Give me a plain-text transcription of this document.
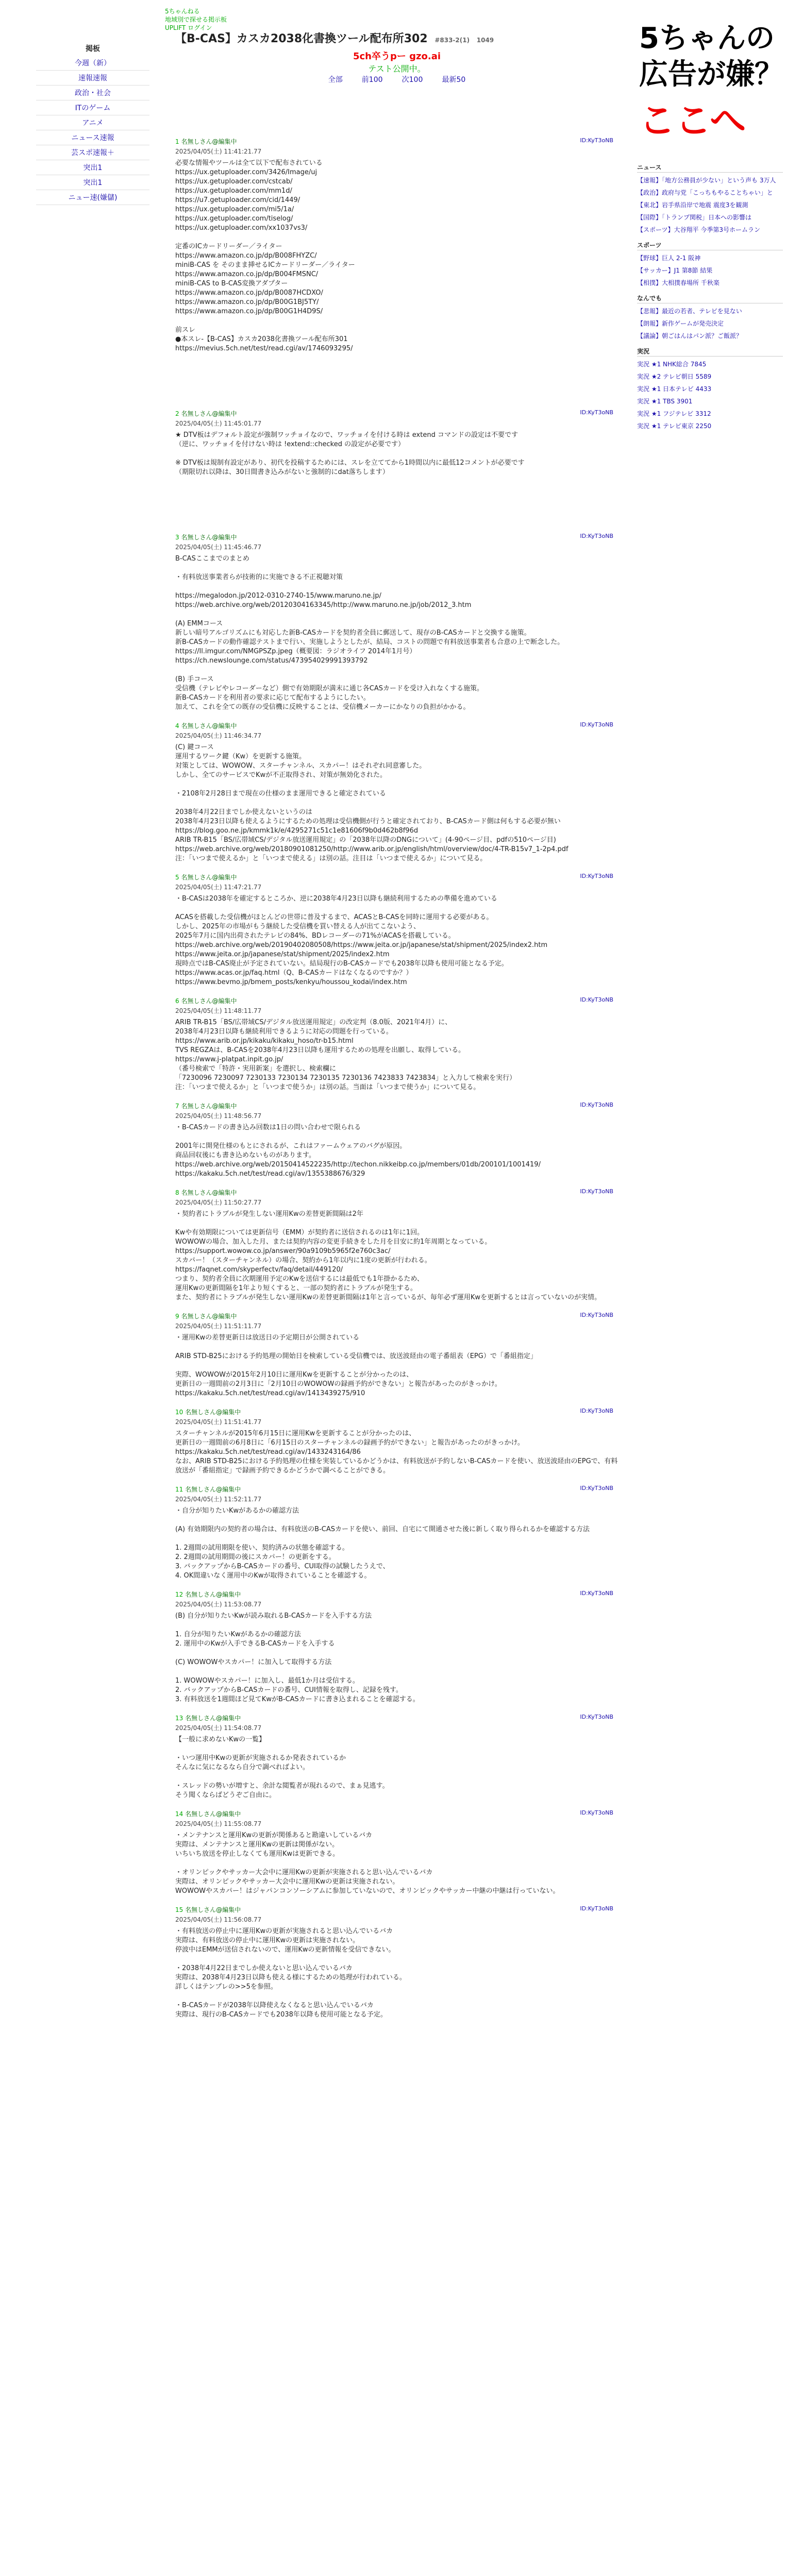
5ちゃんねる
地域別で探せる掲示板
UPLIFT ログイン
掲板
今週（新）
速報速報
政治・社会
ITのゲーム
アニメ
ニュース速報
芸スポ速報＋
突出1
突出1
ニュー速(嫌儲)
【B-CAS】カスカ2038化書換ツール配布所302 #833-2(1) 1049
5ch卒うpー gzo.ai
テスト公開中。
全部	前100	次100	最新50
1 名無しさん@編集中
2025/04/05(土) 11:41:21.77
ID:KyT3oNB
必要な情報やツールは全て以下で配布されている
https://ux.getuploader.com/3426/Image/uj
https://ux.getuploader.com/cstcab/
https://ux.getuploader.com/mm1d/
https://u7.getuploader.com/cid/1449/
https://ux.getuploader.com/mi5/1a/
https://ux.getuploader.com/tiselog/
https://ux.getuploader.com/xx1037vs3/

定番のICカードリーダー／ライター
https://www.amazon.co.jp/dp/B008FHYZC/
miniB-CAS を そのまま挿せるICカードリーダー／ライター
https://www.amazon.co.jp/dp/B004FMSNC/
miniB-CAS to B-CAS変換アダプター
https://www.amazon.co.jp/dp/B0087HCDXO/
https://www.amazon.co.jp/dp/B00G1BJ5TY/
https://www.amazon.co.jp/dp/B00G1H4D9S/

前スレ
●本スレ-【B-CAS】カスカ2038化書換ツール配布所301
https://mevius.5ch.net/test/read.cgi/av/1746093295/
2 名無しさん@編集中
2025/04/05(土) 11:45:01.77
ID:KyT3oNB
★ DTV板はデフォルト設定が強制ワッチョイなので、ワッチョイを付ける時は extend コマンドの設定は不要です
（逆に、ワッチョイを付けない時は !extend::checked の設定が必要です）

※ DTV板は規制有設定があり、初代を投稿するためには、スレを立ててから1時間以内に最低12コメントが必要です
（期限切れ以降は、30日間書き込みがないと強制的にdat落ちします）
3 名無しさん@編集中
2025/04/05(土) 11:45:46.77
ID:KyT3oNB
B-CASここまでのまとめ

・有料放送事業者らが技術的に実施できる不正視聴対策

https://megalodon.jp/2012-0310-2740-15/www.maruno.ne.jp/
https://web.archive.org/web/20120304163345/http://www.maruno.ne.jp/job/2012_3.htm

(A) EMMコース
新しい暗号アルゴリズムにも対応した新B-CASカードを契約者全員に郵送して、現存のB-CASカードと交換する施策。
新B-CASカードの動作確認テストまで行い、実施しようとしたが、結局、コストの問題で有料放送事業者も合意の上で断念した。
https://ll.imgur.com/NMGPSZp.jpeg（概要図：ラジオライフ 2014年1月号）
https://ch.newslounge.com/status/473954029991393792

(B) 手コース
受信機（テレビやレコーダーなど）側で有効期限が満末に通じ各CASカードを受け入れなくする施策。
新B-CASカードを利用者の要求に応じて配布するようにしたい。
加えて、これを全ての既存の受信機に反映することは、受信機メーカーにかなりの負担がかかる。
4 名無しさん@編集中
2025/04/05(土) 11:46:34.77
ID:KyT3oNB
(C) 鍵コース
運用するワーク鍵（Kw）を更新する施策。
対策としては、WOWOW、スターチャンネル、スカパー！はそれぞれ同意審した。
しかし、全てのサービスでKwが不正取得され、対策が無効化された。

・2108年2月28日まで現在の仕様のまま運用できると確定されている

2038年4月22日までしか使えないというのは
2038年4月23日以降も使えるようにするための処理は受信機側が行うと確定されており、B-CASカード側は何もする必要が無い
https://blog.goo.ne.jp/kmmk1k/e/4295271c51c1e81606f9b0d462b8f96d
ARIB TR-B15「BS/広帯域CS/デジタル放送運用規定」の「2038年以降のDNGについて」(4-90ページ目、pdfの510ページ目)
https://web.archive.org/web/20180901081250/http://www.arib.or.jp/english/html/overview/doc/4-TR-B15v7_1-2p4.pdf
注：「いつまで使えるか」と「いつまで使える」は別の話。注目は「いつまで使えるか」について見る。
5 名無しさん@編集中
2025/04/05(土) 11:47:21.77
ID:KyT3oNB
・B-CASは2038年を確定するところか、逆に2038年4月23日以降も継続利用するための準備を進めている

ACASを搭載した受信機がほとんどの世帯に普及するまで、ACASとB-CASを同時に運用する必要がある。
しかし、2025年の市場がもう継続した受信機を買い替える人が出てこないよう、
2025年7月に国内出荷されたテレビの84%、BDレコーダーの71%がACASを搭載している。
https://web.archive.org/web/20190402080508/https://www.jeita.or.jp/japanese/stat/shipment/2025/index2.htm
https://www.jeita.or.jp/japanese/stat/shipment/2025/index2.htm
現時点ではB-CAS廃止が予定されていない。結局現行のB-CASカードでも2038年以降も使用可能となる予定。
https://www.acas.or.jp/faq.html（Q、B-CASカードはなくなるのですか？）
https://www.bevmo.jp/bmem_posts/kenkyu/houssou_kodai/index.htm
6 名無しさん@編集中
2025/04/05(土) 11:48:11.77
ID:KyT3oNB
ARIB TR-B15「BS/広帯域CS/デジタル放送運用規定」の改定判（8.0版、2021年4月）に、
2038年4月23日以降も継続利用できるように対応の問題を行っている。
https://www.arib.or.jp/kikaku/kikaku_hoso/tr-b15.html
TVS REGZAは、B-CASを2038年4月23日以降も運用するための処理を出願し、取得している。
https://www.j-platpat.inpit.go.jp/
（番号検索で「特許・実用新案」を選択し、検索欄に
「7230096 7230097 7230133 7230134 7230135 7230136 7423833 7423834」と入力して検索を実行）
注：「いつまで使えるか」と「いつまで使うか」は別の話。当面は「いつまで使うか」について見る。
7 名無しさん@編集中
2025/04/05(土) 11:48:56.77
ID:KyT3oNB
・B-CASカードの書き込み回数は1日の問い合わせで限られる

2001年に開発仕様のもとにされるが、これはファームウェアのバグが原因。
商品回収後にも書き込めないものがあります。
https://web.archive.org/web/20150414522235/http://techon.nikkeibp.co.jp/members/01db/200101/1001419/
https://kakaku.5ch.net/test/read.cgi/av/1355388676/329
8 名無しさん@編集中
2025/04/05(土) 11:50:27.77
ID:KyT3oNB
・契約者にトラブルが発生しない運用Kwの差替更新間隔は2年

Kwや有効期限については更新信号（EMM）が契約者に送信されるのは1年に1回。
WOWOWの場合、加入した月、または契約内容の変更手続きをした月を目安に約1年周期となっている。
https://support.wowow.co.jp/answer/90a9109b5965f2e760c3ac/
スカパー！（スターチャンネル）の場合、契約から1年以内に1度の更新が行われる。
https://faqnet.com/skyperfectv/faq/detail/449120/
つまり、契約者全員に次期運用予定のKwを送信するには最低でも1年掛かるため、
運用Kwの更新間隔を1年より短くすると、一部の契約者にトラブルが発生する。
また、契約者にトラブルが発生しない運用Kwの差替更新間隔は1年と言っているが、毎年必ず運用Kwを更新するとは言っていないのが実情。
9 名無しさん@編集中
2025/04/05(土) 11:51:11.77
ID:KyT3oNB
・運用Kwの差替更新日は放送日の予定期日が公開されている

ARIB STD-B25における予約処理の開始日を検索している受信機では、放送波経由の電子番組表（EPG）で「番組指定」

実際、WOWOWが2015年2月10日に運用Kwを更新することが分かったのは、
更新日の一週間前の2月3日に「2月10日のWOWOWの録画予約ができない」と報告があったのがきっかけ。
https://kakaku.5ch.net/test/read.cgi/av/1413439275/910
10 名無しさん@編集中
2025/04/05(土) 11:51:41.77
ID:KyT3oNB
スターチャンネルが2015年6月15日に運用Kwを更新することが分かったのは、
更新日の一週間前の6月8日に「6月15日のスターチャンネルの録画予約ができない」と報告があったのがきっかけ。
https://kakaku.5ch.net/test/read.cgi/av/1433243164/86
なお、ARIB STD-B25における予約処理の仕様を実装しているかどうかは、有料放送が予約しないB-CASカードを使い、放送波経由のEPGで、有料放送が「番組指定」で録画予約できるかどうかで調べることができる。
11 名無しさん@編集中
2025/04/05(土) 11:52:11.77
ID:KyT3oNB
・自分が知りたいKwがあるかの確認方法

(A) 有効期限内の契約者の場合は、有料放送のB-CASカードを使い、前回、自宅にて開通させた後に新しく取り得られるかを確認する方法

1. 2週間の試用期限を使い、契約済みの状態を確認する。
2. 2週間の試用期間の後にスカパー！の更新をする。
3. バックアップからB-CASカードの番号、CUI取得の試験したうえで、
4. OK間違いなく運用中のKwが取得されていることを確認する。
12 名無しさん@編集中
2025/04/05(土) 11:53:08.77
ID:KyT3oNB
(B) 自分が知りたいKwが読み取れるB-CASカードを入手する方法

1. 自分が知りたいKwがあるかの確認方法
2. 運用中のKwが入手できるB-CASカードを入手する

(C) WOWOWやスカパー！に加入して取得する方法

1. WOWOWやスカパー！に加入し、最低1か月は受信する。
2. バックアップからB-CASカードの番号、CUI情報を取得し、記録を残す。
3. 有料放送を1週間ほど見てKwがB-CASカードに書き込まれることを確認する。
13 名無しさん@編集中
2025/04/05(土) 11:54:08.77
ID:KyT3oNB
【一般に求めないKwの一覧】

・いつ運用中Kwの更新が実施されるか発表されているか
そんなに気になるなら自分で調べればよい。

・スレッドの勢いが増すと、余計な閲覧者が現れるので、まぁ見逃す。
そう聞くならばどうぞご自由に。
14 名無しさん@編集中
2025/04/05(土) 11:55:08.77
ID:KyT3oNB
・メンテナンスと運用Kwの更新が関係あると勘違いしているバカ
実際は、メンテナンスと運用Kwの更新は関係がない。
いちいち放送を停止しなくても運用Kwは更新できる。

・オリンピックやサッカー大会中に運用Kwの更新が実施されると思い込んでいるバカ
実際は、オリンピックやサッカー大会中に運用Kwの更新は実施されない。
WOWOWやスカパー！はジャパンコンソーシアムに参加していないので、オリンピックやサッカー中継の中継は行っていない。
15 名無しさん@編集中
2025/04/05(土) 11:56:08.77
ID:KyT3oNB
・有料放送の停止中に運用Kwの更新が実施されると思い込んでいるバカ
実際は、有料放送の停止中に運用Kwの更新は実施されない。
停波中はEMMが送信されないので、運用Kwの更新情報を受信できない。

・2038年4月22日までしか使えないと思い込んでいるバカ
実際は、2038年4月23日以降も使える様にするための処理が行われている。
詳しくはテンプレの>>5を参照。

・B-CASカードが2038年以降使えなくなると思い込んでいるバカ
実際は、現行のB-CASカードでも2038年以降も使用可能となる予定。
5ちゃんの
広告が嫌？
ここへ
ニュース
【速報】「地方公務員が少ない」という声も 3万人
【政治】政府与党「こっちもやることちゃい」と
【東北】岩手県沿岸で地震 震度3を観測
【国際】「トランプ関税」日本への影響は
【スポーツ】大谷翔平 今季第3号ホームラン
スポーツ
【野球】巨人 2-1 阪神
【サッカー】J1 第8節 結果
【相撲】大相撲春場所 千秋楽
なんでも
【悲報】最近の若者、テレビを見ない
【朗報】新作ゲームが発売決定
【議論】朝ごはんはパン派？ご飯派？
実況
実況 ★1 NHK総合 7845
実況 ★2 テレビ朝日 5589
実況 ★1 日本テレビ 4433
実況 ★1 TBS 3901
実況 ★1 フジテレビ 3312
実況 ★1 テレビ東京 2250
